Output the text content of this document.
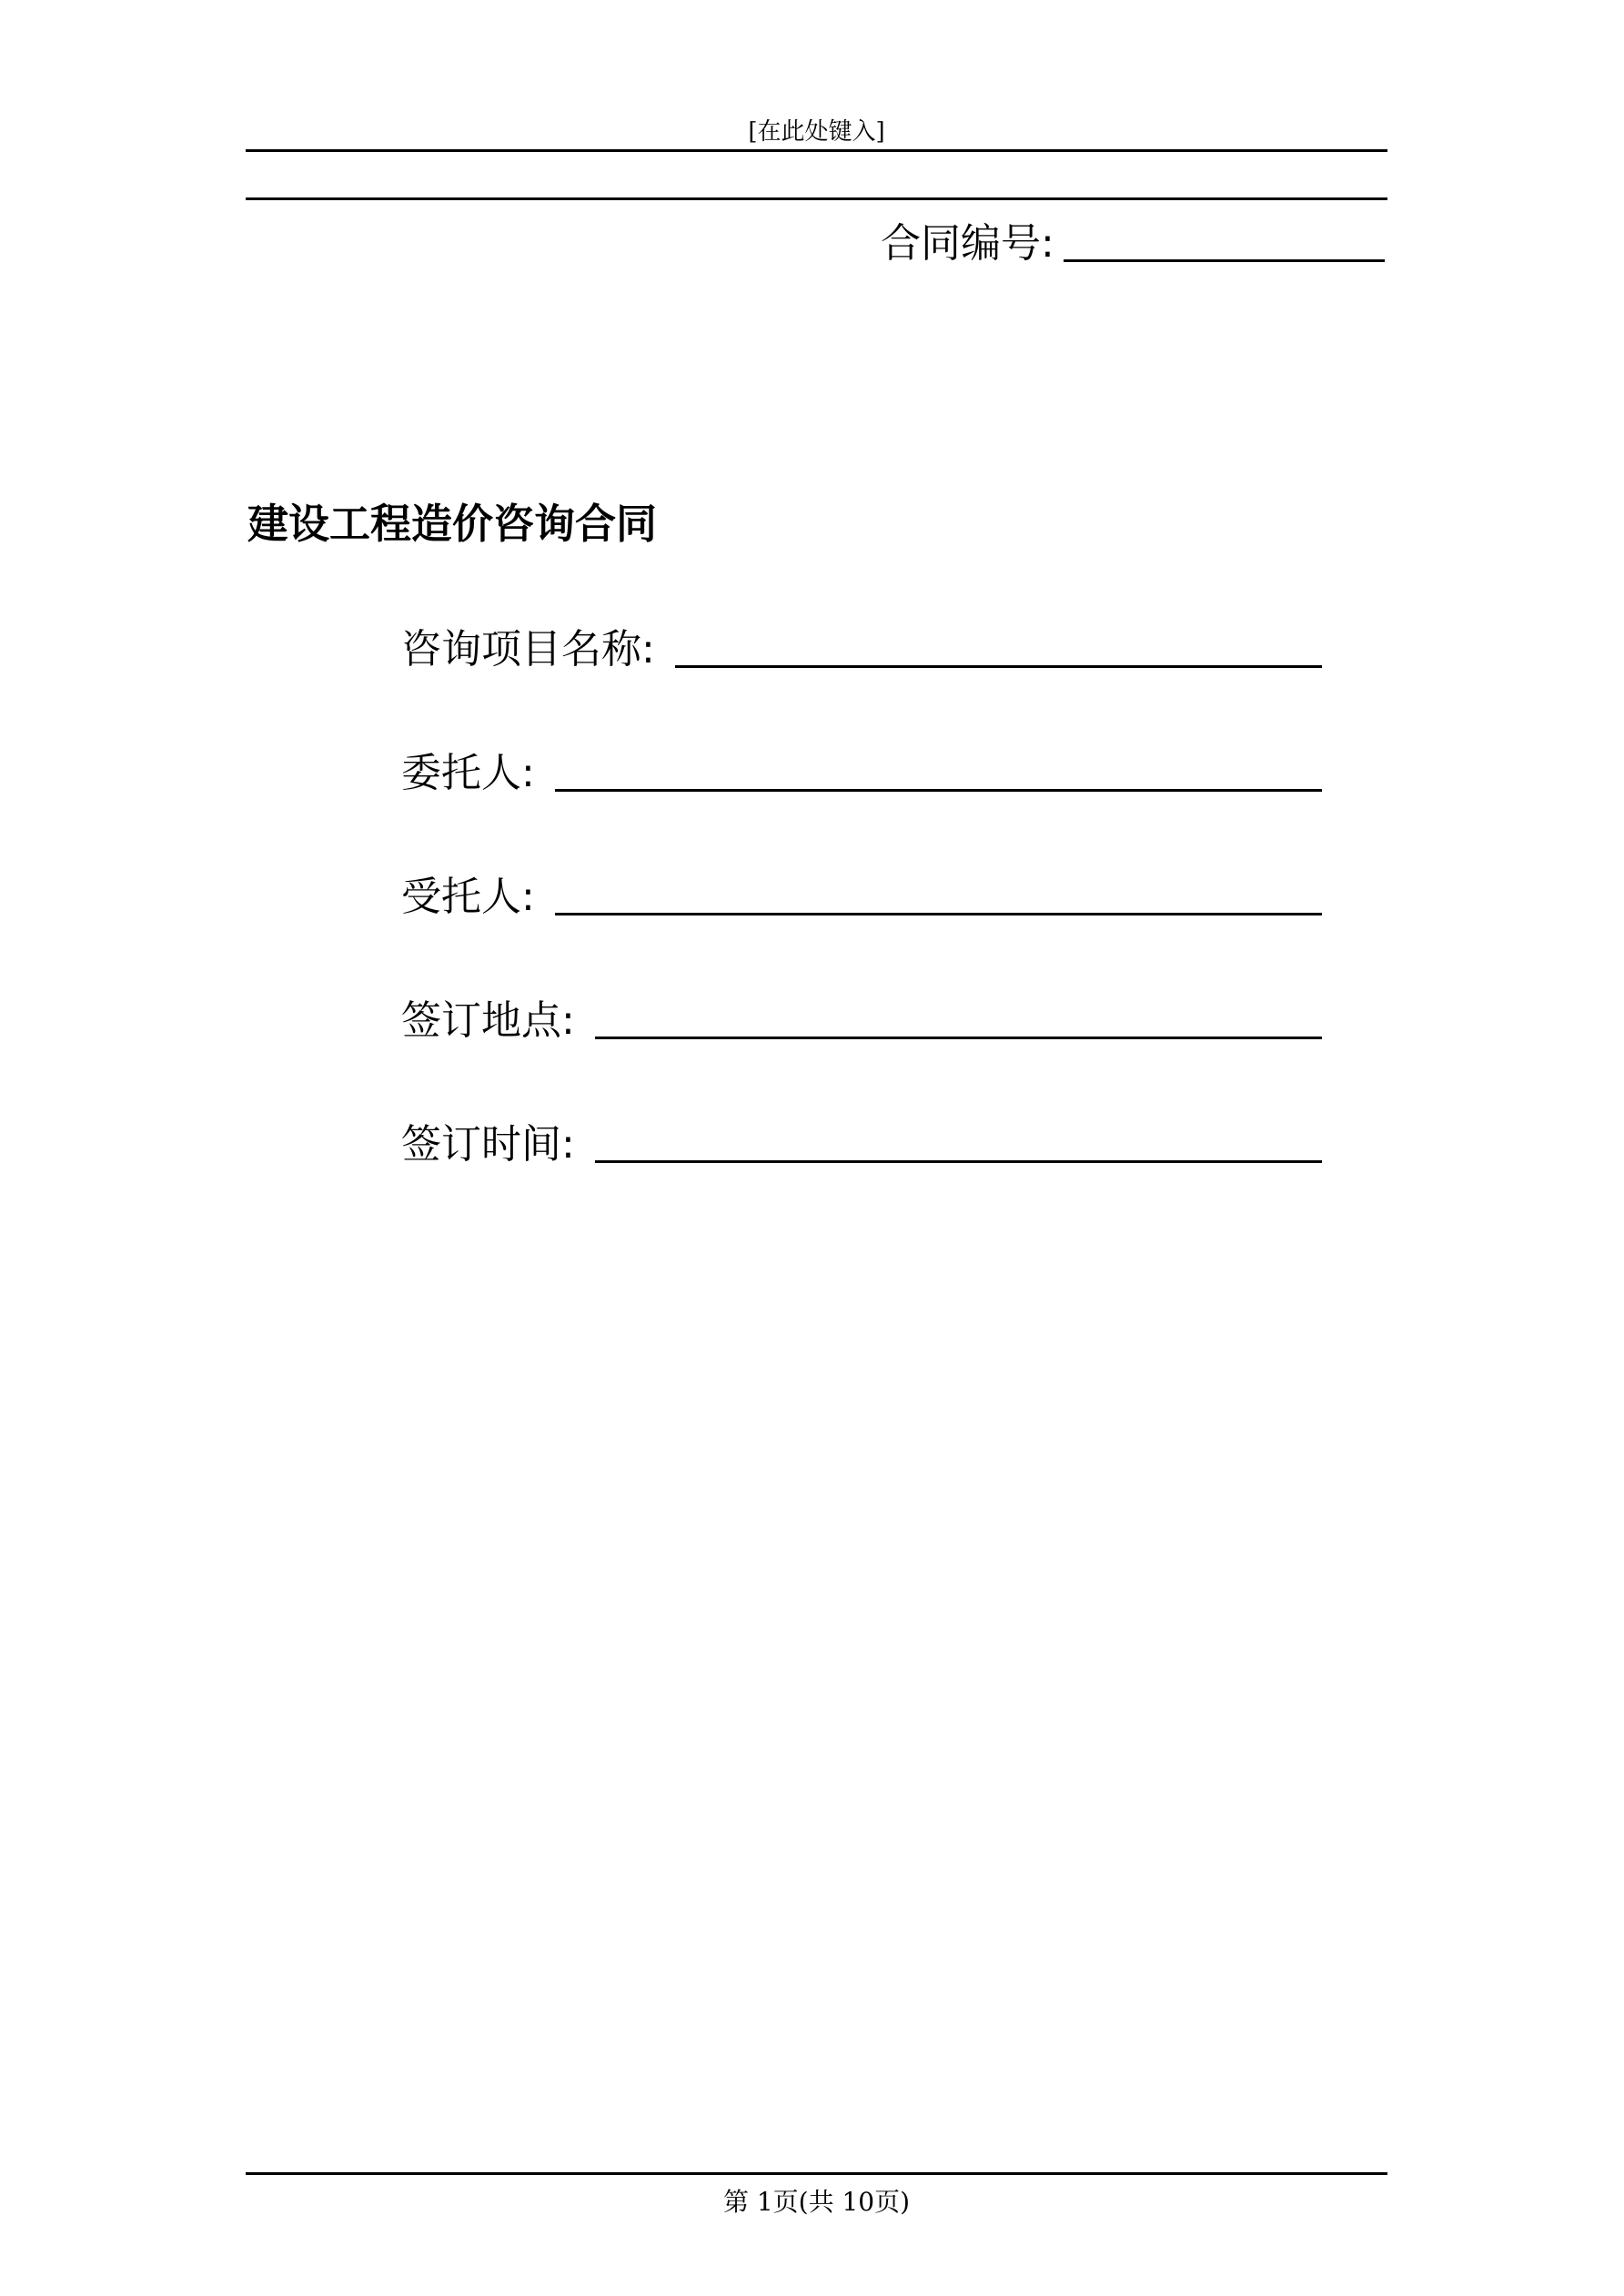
[在此处键入]
合同编号:
建设工程造价咨询合同
咨询项目名称:
委托人:
受托人:
签订地点:
签订时间:
第 1页(共 10页)
